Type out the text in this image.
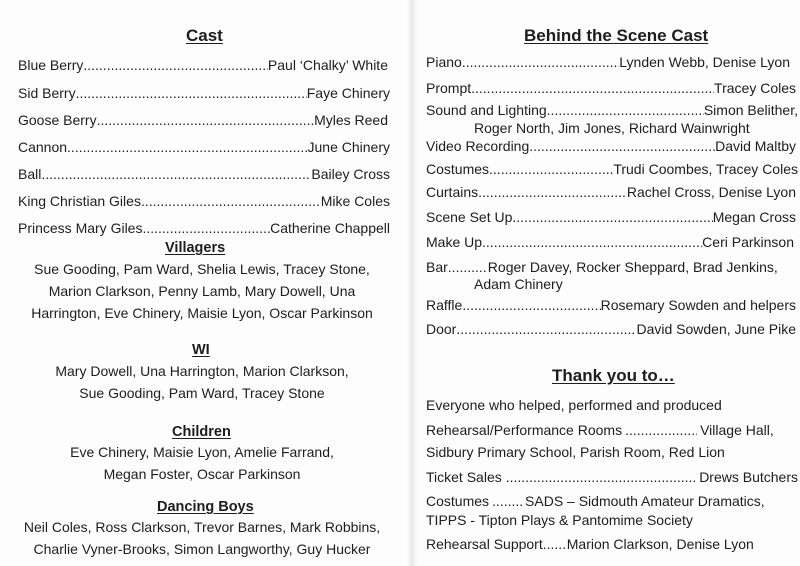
Cast
Blue Berry .....	Paul ‘Chalky’ White
Sid Berry .....	Faye Chinery
Goose Berry .....	Myles Reed
Cannon .....	June Chinery
Ball .....	Bailey Cross
King Christian Giles .....	Mike Coles
Princess Mary Giles .....	Catherine Chappell
Villagers
Sue Gooding, Pam Ward, Shelia Lewis, Tracey Stone,
Marion Clarkson, Penny Lamb, Mary Dowell, Una
Harrington, Eve Chinery, Maisie Lyon, Oscar Parkinson
WI
Mary Dowell, Una Harrington, Marion Clarkson,
Sue Gooding, Pam Ward, Tracey Stone
Children
Eve Chinery, Maisie Lyon, Amelie Farrand,
Megan Foster, Oscar Parkinson
Dancing Boys
Neil Coles, Ross Clarkson, Trevor Barnes, Mark Robbins,
Charlie Vyner-Brooks, Simon Langworthy, Guy Hucker
Behind the Scene Cast
Piano .....	Lynden Webb, Denise Lyon
Prompt .....	Tracey Coles
Sound and Lighting .....	Simon Belither,
Roger North, Jim Jones, Richard Wainwright
Video Recording .....	David Maltby
Costumes .....	Trudi Coombes, Tracey Coles
Curtains .....	Rachel Cross, Denise Lyon
Scene Set Up .....	Megan Cross
Make Up .....	Ceri Parkinson
Bar .....	Roger Davey, Rocker Sheppard, Brad Jenkins,
Adam Chinery
Raffle .....	Rosemary Sowden and helpers
Door .....	David Sowden, June Pike
Thank you to…
Everyone who helped, performed and produced
Rehearsal/Performance Rooms .....	Village Hall,
Sidbury Primary School, Parish Room, Red Lion
Ticket Sales .....	Drews Butchers
Costumes .....	SADS – Sidmouth Amateur Dramatics,
TIPPS - Tipton Plays & Pantomime Society
Rehearsal Support ..... Marion Clarkson, Denise Lyon
